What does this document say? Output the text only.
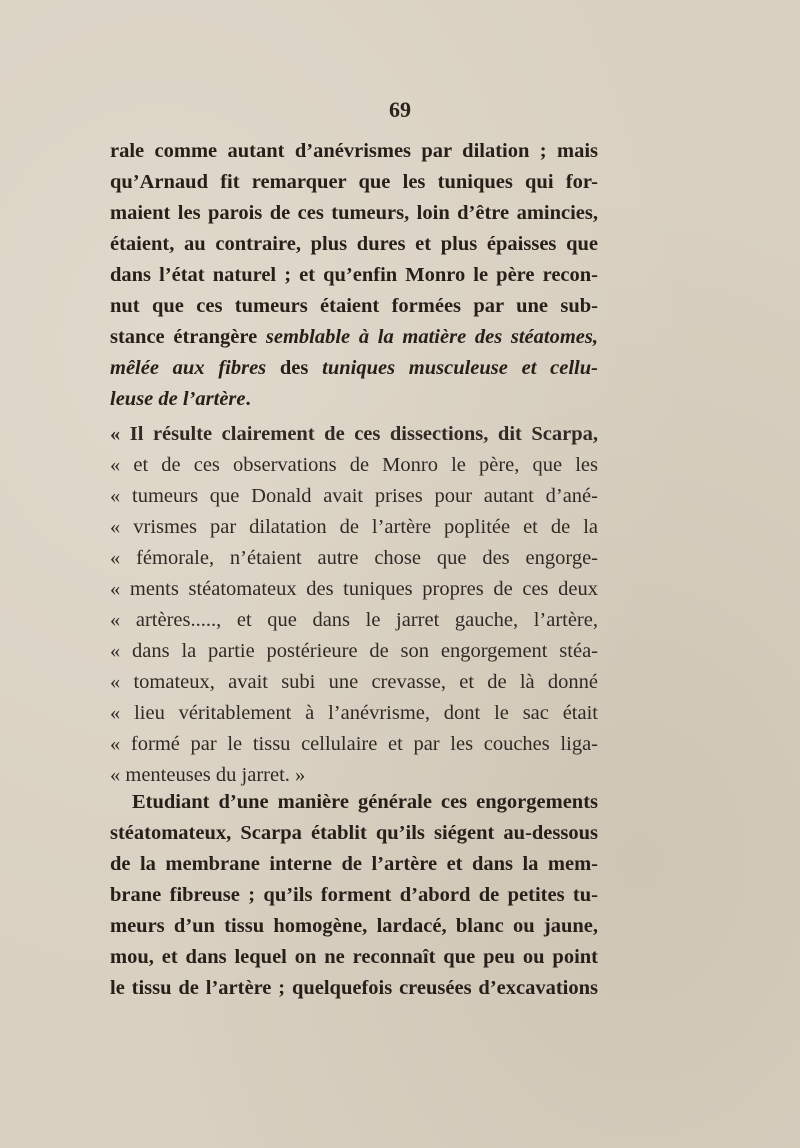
69
rale comme autant d’anévrismes par dilation ; mais
qu’Arnaud fit remarquer que les tuniques qui for-
maient les parois de ces tumeurs, loin d’être amincies,
étaient, au contraire, plus dures et plus épaisses que
dans l’état naturel ; et qu’enfin Monro le père recon-
nut que ces tumeurs étaient formées par une sub-
stance étrangère semblable à la matière des stéatomes,
mêlée aux fibres des tuniques musculeuse et cellu-
leuse de l’artère.
« Il résulte clairement de ces dissections, dit Scarpa,
« et de ces observations de Monro le père, que les
« tumeurs que Donald avait prises pour autant d’ané-
« vrismes par dilatation de l’artère poplitée et de la
« fémorale, n’étaient autre chose que des engorge-
« ments stéatomateux des tuniques propres de ces deux
« artères....., et que dans le jarret gauche, l’artère,
« dans la partie postérieure de son engorgement stéa-
« tomateux, avait subi une crevasse, et de là donné
« lieu véritablement à l’anévrisme, dont le sac était
« formé par le tissu cellulaire et par les couches liga-
« menteuses du jarret. »
Etudiant d’une manière générale ces engorgements
stéatomateux, Scarpa établit qu’ils siégent au-dessous
de la membrane interne de l’artère et dans la mem-
brane fibreuse ; qu’ils forment d’abord de petites tu-
meurs d’un tissu homogène, lardacé, blanc ou jaune,
mou, et dans lequel on ne reconnaît que peu ou point
le tissu de l’artère ; quelquefois creusées d’excavations
